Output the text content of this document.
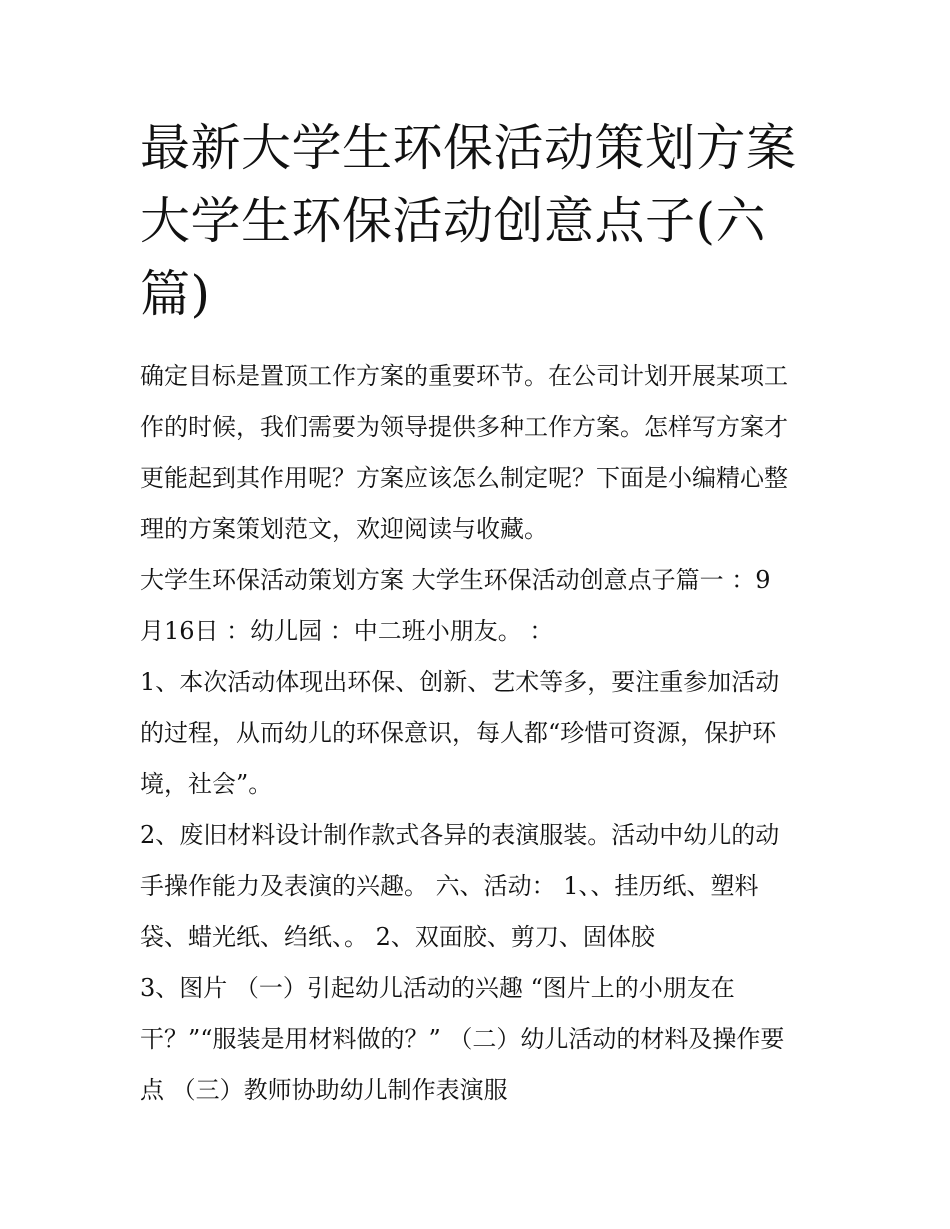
最新大学生环保活动策划方案
大学生环保活动创意点子(六
篇)
确定目标是置顶工作方案的重要环节。在公司计划开展某项工
作的时候，我们需要为领导提供多种工作方案。怎样写方案才
更能起到其作用呢？方案应该怎么制定呢？下面是小编精心整
理的方案策划范文，欢迎阅读与收藏。
大学生环保活动策划方案 大学生环保活动创意点子篇一 ：9
月16日 ：幼儿园 ：中二班小朋友。 ：
1、本次活动体现出环保、创新、艺术等多，要注重参加活动
的过程，从而幼儿的环保意识，每人都“珍惜可资源，保护环
境，社会”。
2、废旧材料设计制作款式各异的表演服装。活动中幼儿的动
手操作能力及表演的兴趣。 六、活动： 1、、挂历纸、塑料
袋、蜡光纸、绉纸、。 2、双面胶、剪刀、固体胶
3、图片 （一）引起幼儿活动的兴趣 “图片上的小朋友在
干？”“服装是用材料做的？” （二）幼儿活动的材料及操作要
点 （三）教师协助幼儿制作表演服
